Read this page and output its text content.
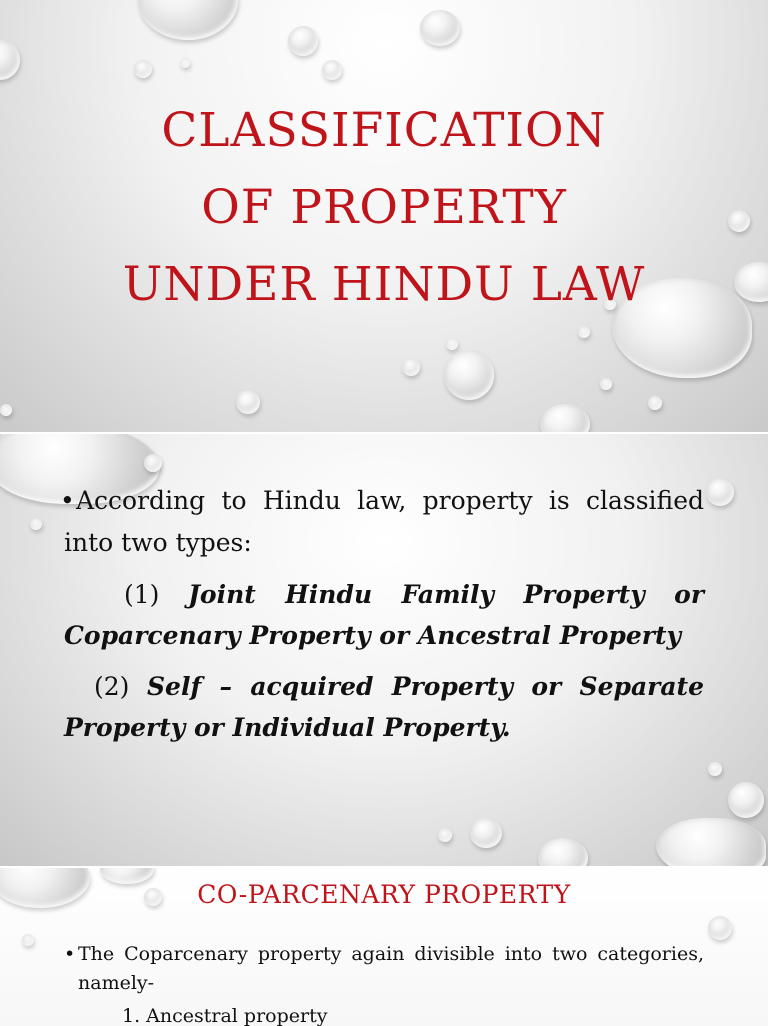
CLASSIFICATION
OF PROPERTY
UNDER HINDU LAW

• According to Hindu law, property is classified into two types:

(1) Joint Hindu Family Property or Coparcenary Property or Ancestral Property

(2) Self – acquired Property or Separate Property or Individual Property.

CO-PARCENARY PROPERTY

• The Coparcenary property again divisible into two categories, namely-

1. Ancestral property
